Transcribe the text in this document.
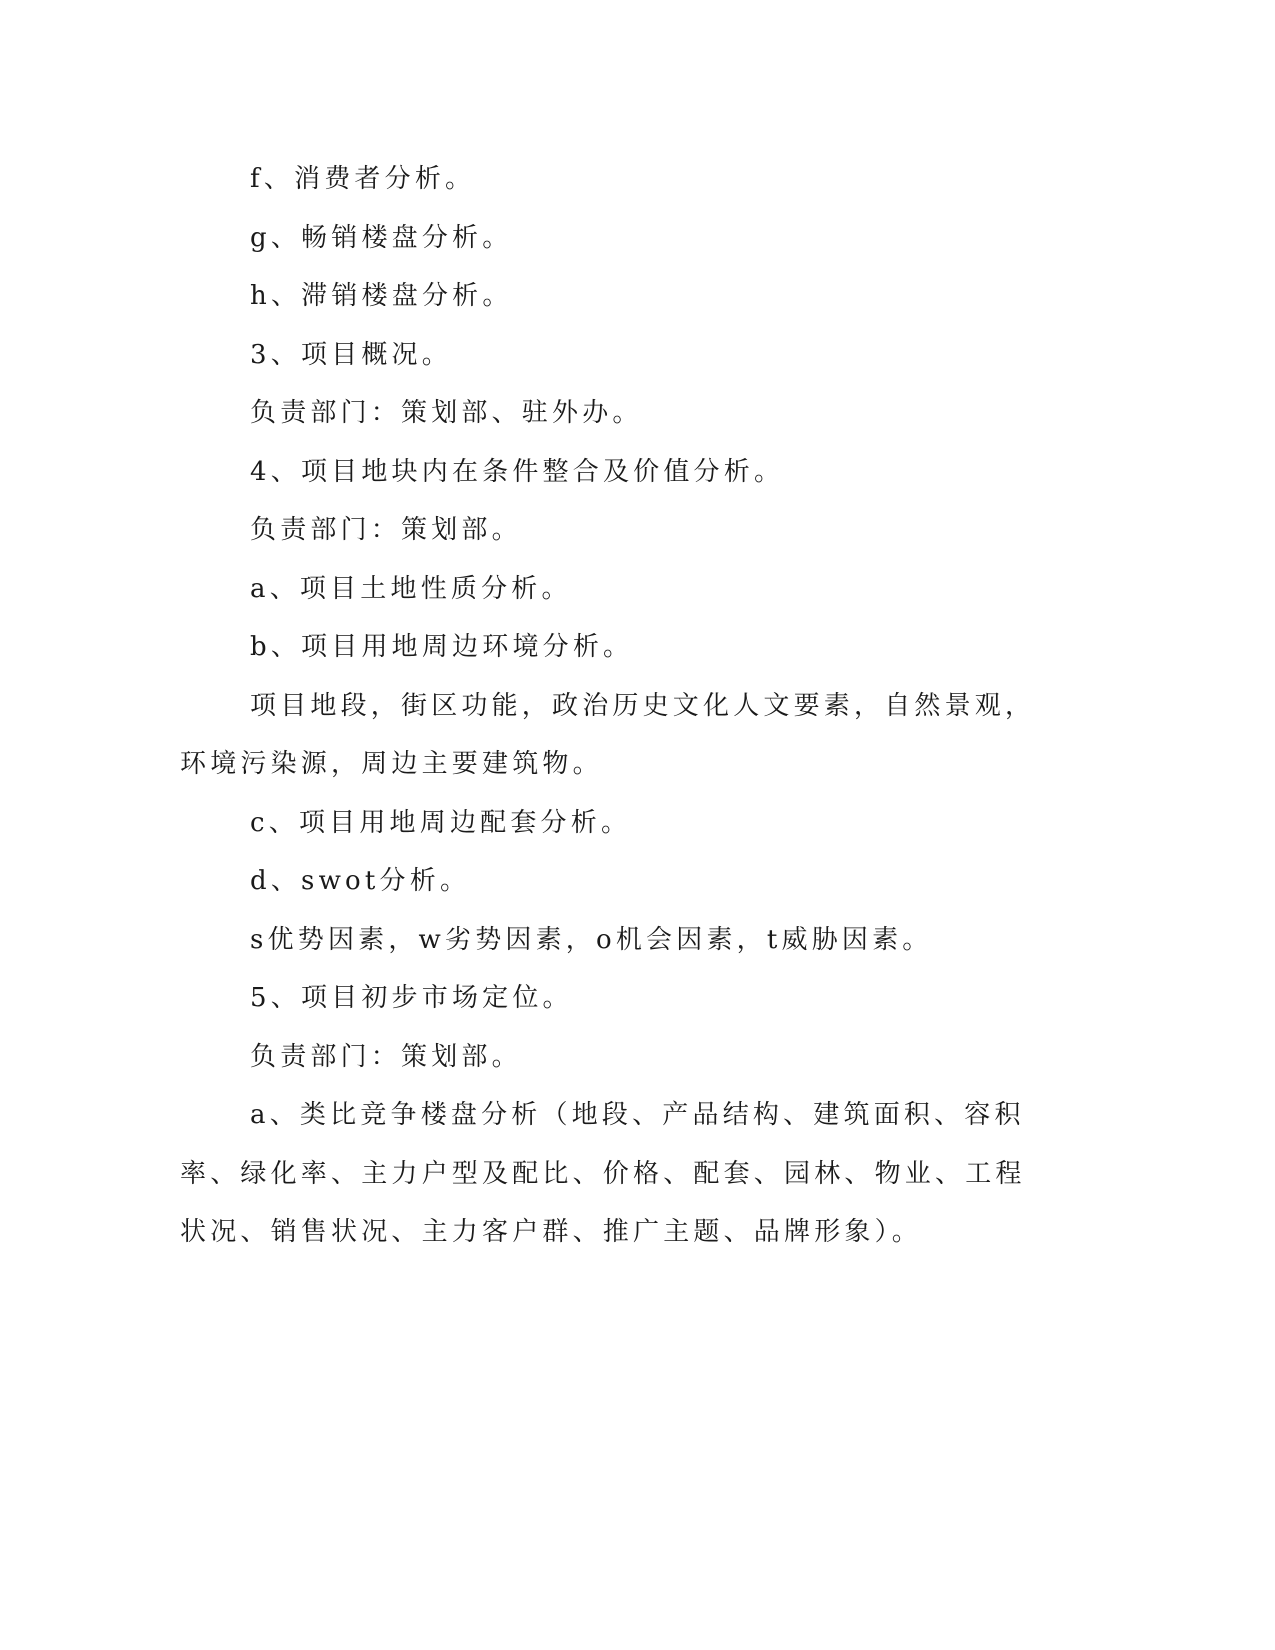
f、消费者分析。

g、畅销楼盘分析。

h、滞销楼盘分析。

3、项目概况。

负责部门：策划部、驻外办。

4、项目地块内在条件整合及价值分析。

负责部门：策划部。

a、项目土地性质分析。

b、项目用地周边环境分析。

项目地段，街区功能，政治历史文化人文要素，自然景观，环境污染源，周边主要建筑物。

c、项目用地周边配套分析。

d、swot分析。

s优势因素，w劣势因素，o机会因素，t威胁因素。

5、项目初步市场定位。

负责部门：策划部。

a、类比竞争楼盘分析（地段、产品结构、建筑面积、容积率、绿化率、主力户型及配比、价格、配套、园林、物业、工程状况、销售状况、主力客户群、推广主题、品牌形象）。
